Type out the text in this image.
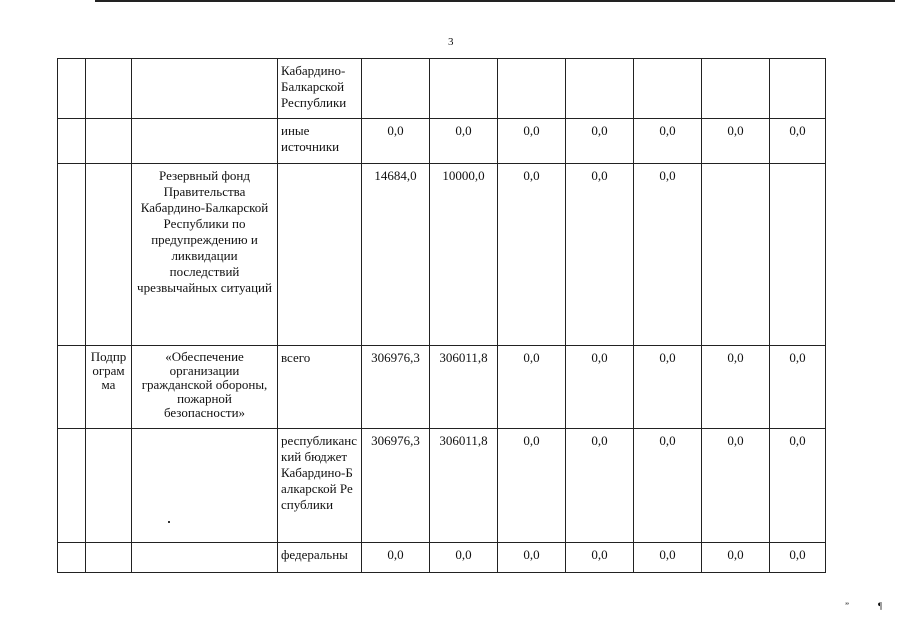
3
			Кабардино-Балкарской Республики							
			иные источники	0,0	0,0	0,0	0,0	0,0	0,0	0,0
		Резервный фонд Правительства Кабардино-Балкарской Республики по предупреждению и ликвидации последствий чрезвычайных ситуаций		14684,0	10000,0	0,0	0,0	0,0		
	Подпрограмма	«Обеспечение организации гражданской обороны, пожарной безопасности»	всего	306976,3	306011,8	0,0	0,0	0,0	0,0	0,0
			республиканский бюджет Кабардино-Балкарской Республики	306976,3	306011,8	0,0	0,0	0,0	0,0	0,0
			федеральны	0,0	0,0	0,0	0,0	0,0	0,0	0,0
”	¶
